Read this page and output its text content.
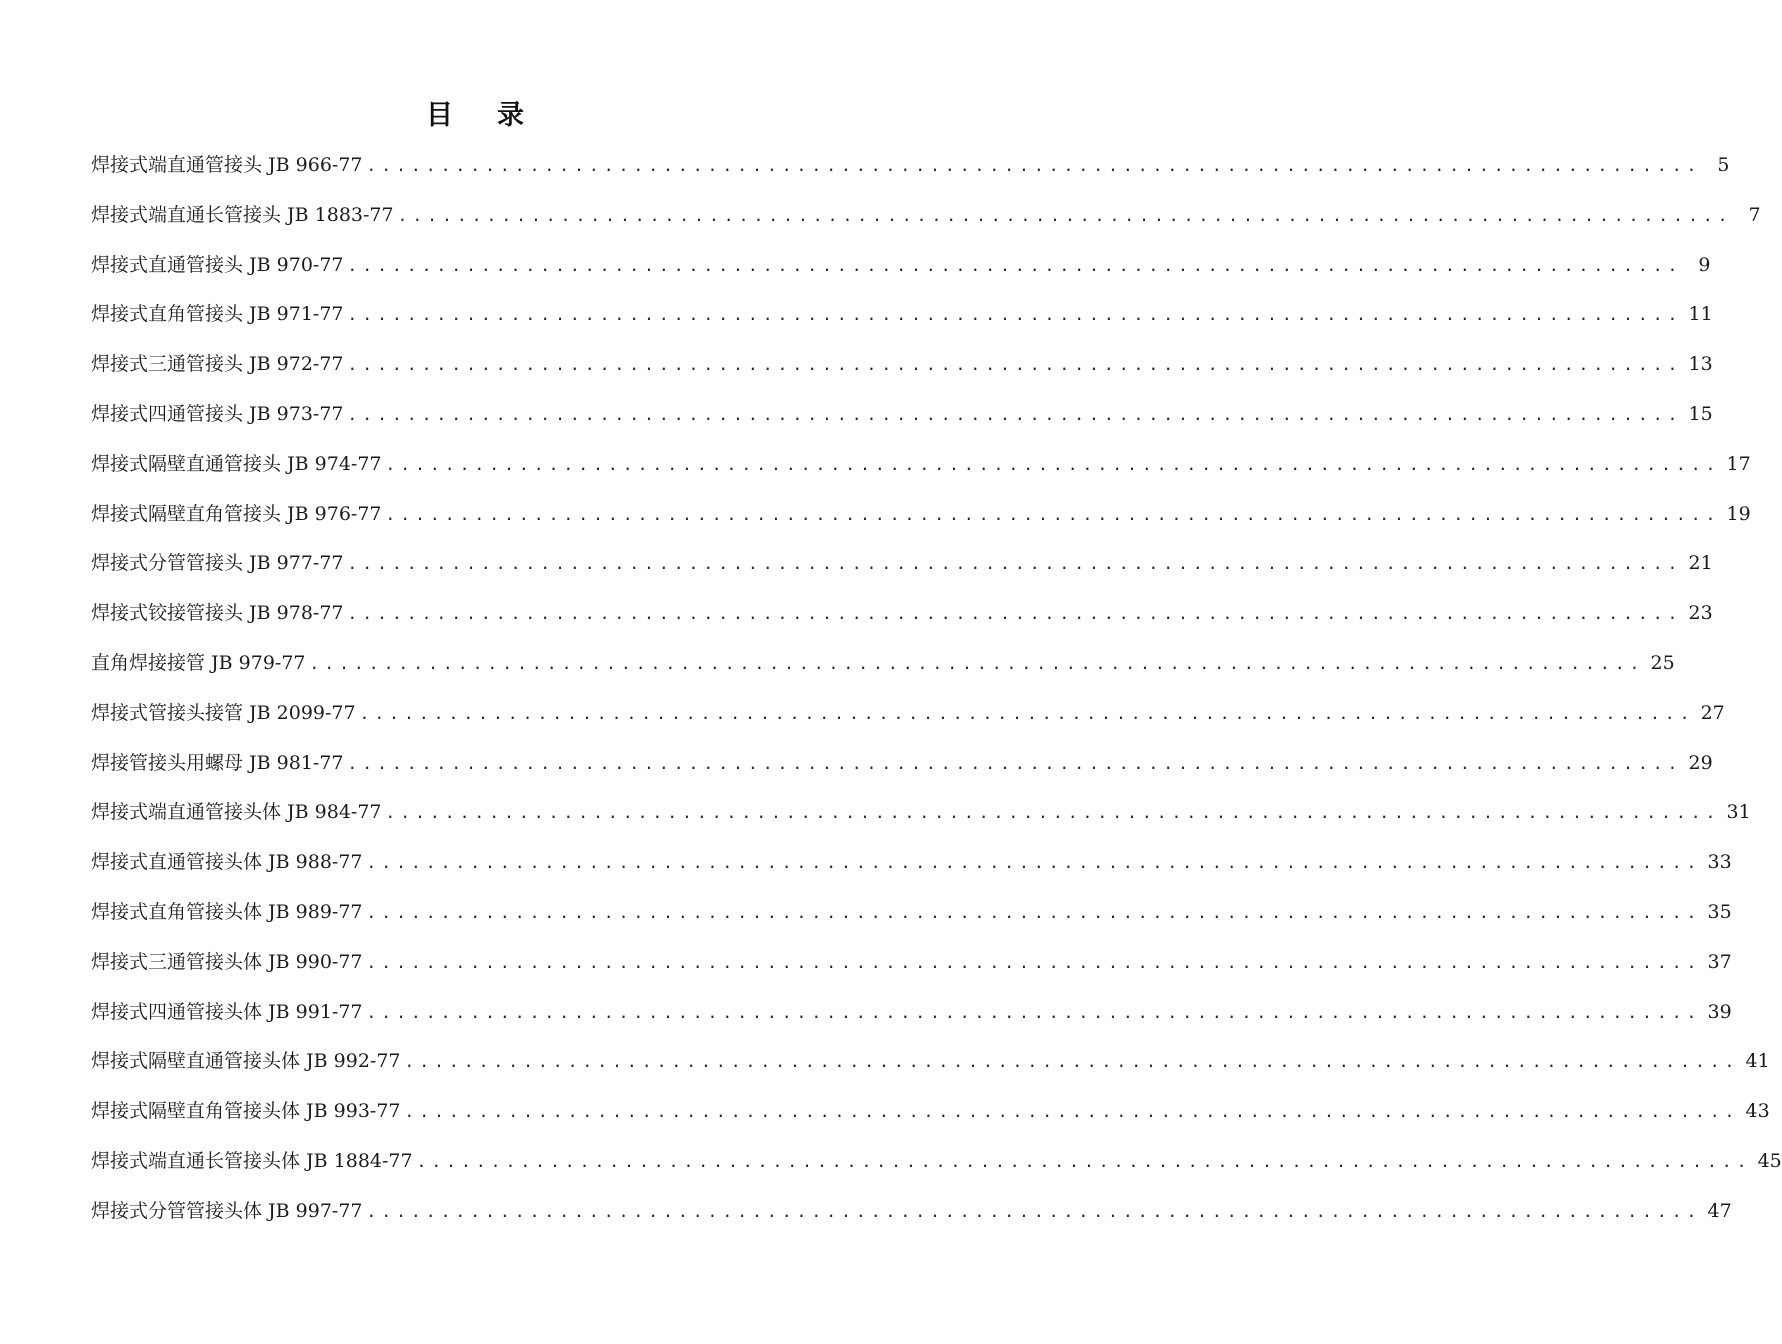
目 录
焊接式端直通管接头 JB 966-77 .......................................................................................... 5
焊接式端直通长管接头 JB 1883-77 .......................................................................................... 7
焊接式直通管接头 JB 970-77 .......................................................................................... 9
焊接式直角管接头 JB 971-77 .......................................................................................... 11
焊接式三通管接头 JB 972-77 .......................................................................................... 13
焊接式四通管接头 JB 973-77 .......................................................................................... 15
焊接式隔壁直通管接头 JB 974-77 .......................................................................................... 17
焊接式隔壁直角管接头 JB 976-77 .......................................................................................... 19
焊接式分管管接头 JB 977-77 .......................................................................................... 21
焊接式铰接管接头 JB 978-77 .......................................................................................... 23
直角焊接接管 JB 979-77 .......................................................................................... 25
焊接式管接头接管 JB 2099-77 .......................................................................................... 27
焊接管接头用螺母 JB 981-77 .......................................................................................... 29
焊接式端直通管接头体 JB 984-77 .......................................................................................... 31
焊接式直通管接头体 JB 988-77 .......................................................................................... 33
焊接式直角管接头体 JB 989-77 .......................................................................................... 35
焊接式三通管接头体 JB 990-77 .......................................................................................... 37
焊接式四通管接头体 JB 991-77 .......................................................................................... 39
焊接式隔壁直通管接头体 JB 992-77 .......................................................................................... 41
焊接式隔壁直角管接头体 JB 993-77 .......................................................................................... 43
焊接式端直通长管接头体 JB 1884-77 .......................................................................................... 45
焊接式分管管接头体 JB 997-77 .......................................................................................... 47
